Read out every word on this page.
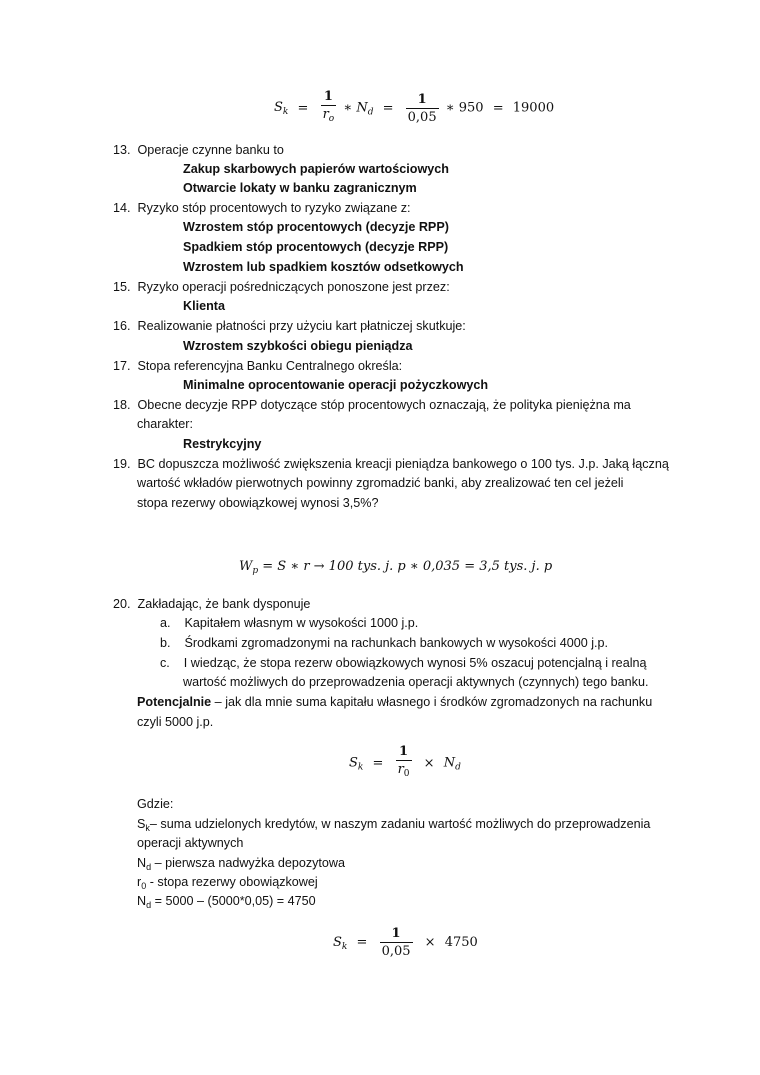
$S_k = \frac{1}{r_o}$ ∗ $N_d = \frac{1}{0,05}$ ∗ 950 = 19000
13. Operacje czynne banku to
Zakup skarbowych papierów wartościowych
Otwarcie lokaty w banku zagranicznym
14. Ryzyko stóp procentowych to ryzyko związane z:
Wzrostem stóp procentowych (decyzje RPP)
Spadkiem stóp procentowych (decyzje RPP)
Wzrostem lub spadkiem kosztów odsetkowych
15. Ryzyko operacji pośredniczących ponoszone jest przez:
Klienta
16. Realizowanie płatności przy użyciu kart płatniczej skutkuje:
Wzrostem szybkości obiegu pieniądza
17. Stopa referencyjna Banku Centralnego określa:
Minimalne oprocentowanie operacji pożyczkowych
18. Obecne decyzje RPP dotyczące stóp procentowych oznaczają, że polityka pieniężna ma
charakter:
Restrykcyjny
19. BC dopuszcza możliwość zwiększenia kreacji pieniądza bankowego o 100 tys. J.p. Jaką łączną
wartość wkładów pierwotnych powinny zgromadzić banki, aby zrealizować ten cel jeżeli
stopa rezerwy obowiązkowej wynosi 3,5%?
$W_p = S$ ∗ r → 100 tys. j. p ∗ 0,035 = 3,5 tys. j. p
20. Zakładając, że bank dysponuje
a. Kapitałem własnym w wysokości 1000 j.p.
b. Środkami zgromadzonymi na rachunkach bankowych w wysokości 4000 j.p.
c. I wiedząc, że stopa rezerw obowiązkowych wynosi 5% oszacuj potencjalną i realną
wartość możliwych do przeprowadzenia operacji aktywnych (czynnych) tego banku.
Potencjalnie – jak dla mnie suma kapitału własnego i środków zgromadzonych na rachunku
czyli 5000 j.p.
$S_k = \frac{1}{r_0} \times N_d$
Gdzie:
$S_k-$ suma udzielonych kredytów, w naszym zadaniu wartość możliwych do przeprowadzenia
operacji aktywnych
$N_d$ – pierwsza nadwyżka depozytowa
$r_0$ - stopa rezerwy obowiązkowej
$N_d = 5000 - (5000*0,05) = 4750$
$S_k = \frac{1}{0,05} \times 4750$
